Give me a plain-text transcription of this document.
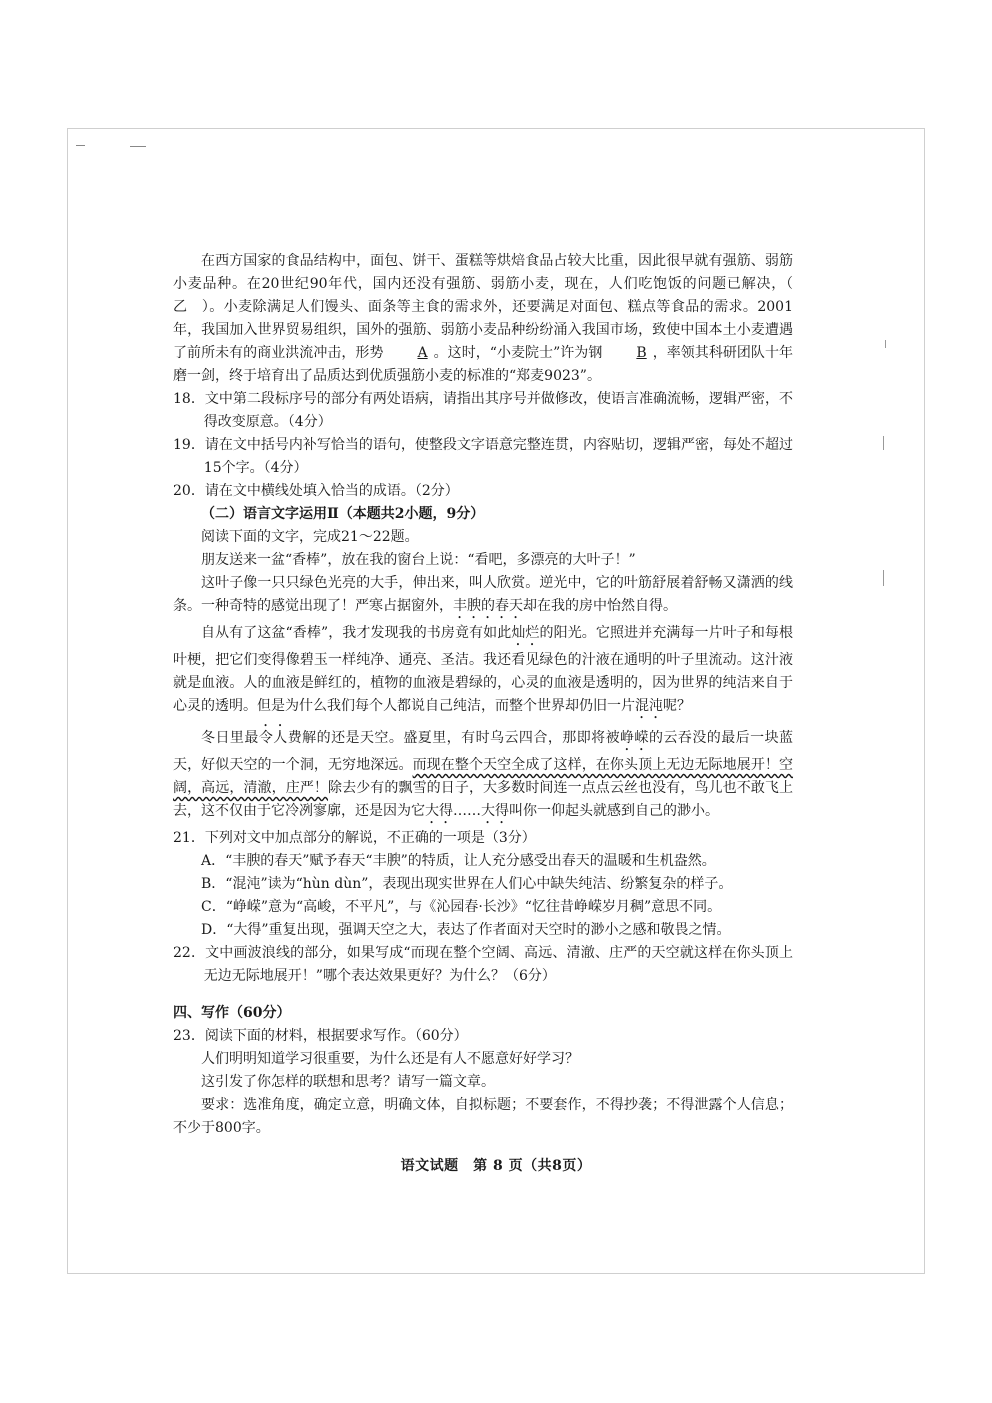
在西方国家的食品结构中，面包、饼干、蛋糕等烘焙食品占较大比重，因此很早就有强筋、弱筋小麦品种。在20世纪90年代，国内还没有强筋、弱筋小麦，现在，人们吃饱饭的问题已解决，（　乙　）。小麦除满足人们馒头、面条等主食的需求外，还要满足对面包、糕点等食品的需求。2001年，我国加入世界贸易组织，国外的强筋、弱筋小麦品种纷纷涌入我国市场，致使中国本土小麦遭遇了前所未有的商业洪流冲击，形势 A 。这时，“小麦院士”许为钢 B ，率领其科研团队十年磨一剑，终于培育出了品质达到优质强筋小麦的标准的“郑麦9023”。

18．文中第二段标序号的部分有两处语病，请指出其序号并做修改，使语言准确流畅，逻辑严密，不得改变原意。（4分）

19．请在文中括号内补写恰当的语句，使整段文字语意完整连贯，内容贴切，逻辑严密，每处不超过15个字。（4分）

20．请在文中横线处填入恰当的成语。（2分）

（二）语言文字运用Ⅱ（本题共2小题，9分）

阅读下面的文字，完成21～22题。

朋友送来一盆“香棒”，放在我的窗台上说：“看吧，多漂亮的大叶子！”

这叶子像一只只绿色光亮的大手，伸出来，叫人欣赏。逆光中，它的叶筋舒展着舒畅又潇洒的线条。一种奇特的感觉出现了！严寒占据窗外，丰腴的春天却在我的房中怡然自得。

自从有了这盆“香棒”，我才发现我的书房竟有如此灿烂的阳光。它照进并充满每一片叶子和每根叶梗，把它们变得像碧玉一样纯净、通亮、圣洁。我还看见绿色的汁液在通明的叶子里流动。这汁液就是血液。人的血液是鲜红的，植物的血液是碧绿的，心灵的血液是透明的，因为世界的纯洁来自于心灵的透明。但是为什么我们每个人都说自己纯洁，而整个世界却仍旧一片混沌呢？

冬日里最令人费解的还是天空。盛夏里，有时乌云四合，那即将被峥嵘的云吞没的最后一块蓝天，好似天空的一个洞，无穷地深远。而现在整个天空全成了这样，在你头顶上无边无际地展开！空阔，高远，清澈，庄严！除去少有的飘雪的日子，大多数时间连一点点云丝也没有，鸟儿也不敢飞上去，这不仅由于它冷冽寥廓，还是因为它大得……大得叫你一仰起头就感到自己的渺小。

21．下列对文中加点部分的解说，不正确的一项是（3分）

A．“丰腴的春天”赋予春天“丰腴”的特质，让人充分感受出春天的温暖和生机盎然。

B．“混沌”读为“hùn dùn”，表现出现实世界在人们心中缺失纯洁、纷繁复杂的样子。

C．“峥嵘”意为“高峻，不平凡”，与《沁园春·长沙》“忆往昔峥嵘岁月稠”意思不同。

D．“大得”重复出现，强调天空之大，表达了作者面对天空时的渺小之感和敬畏之情。

22．文中画波浪线的部分，如果写成“而现在整个空阔、高远、清澈、庄严的天空就这样在你头顶上无边无际地展开！”哪个表达效果更好？为什么？（6分）

四、写作（60分）

23．阅读下面的材料，根据要求写作。（60分）

人们明明知道学习很重要，为什么还是有人不愿意好好学习？

这引发了你怎样的联想和思考？请写一篇文章。

要求：选准角度，确定立意，明确文体，自拟标题；不要套作，不得抄袭；不得泄露个人信息；不少于800字。

语文试题　第 8 页（共8页）
